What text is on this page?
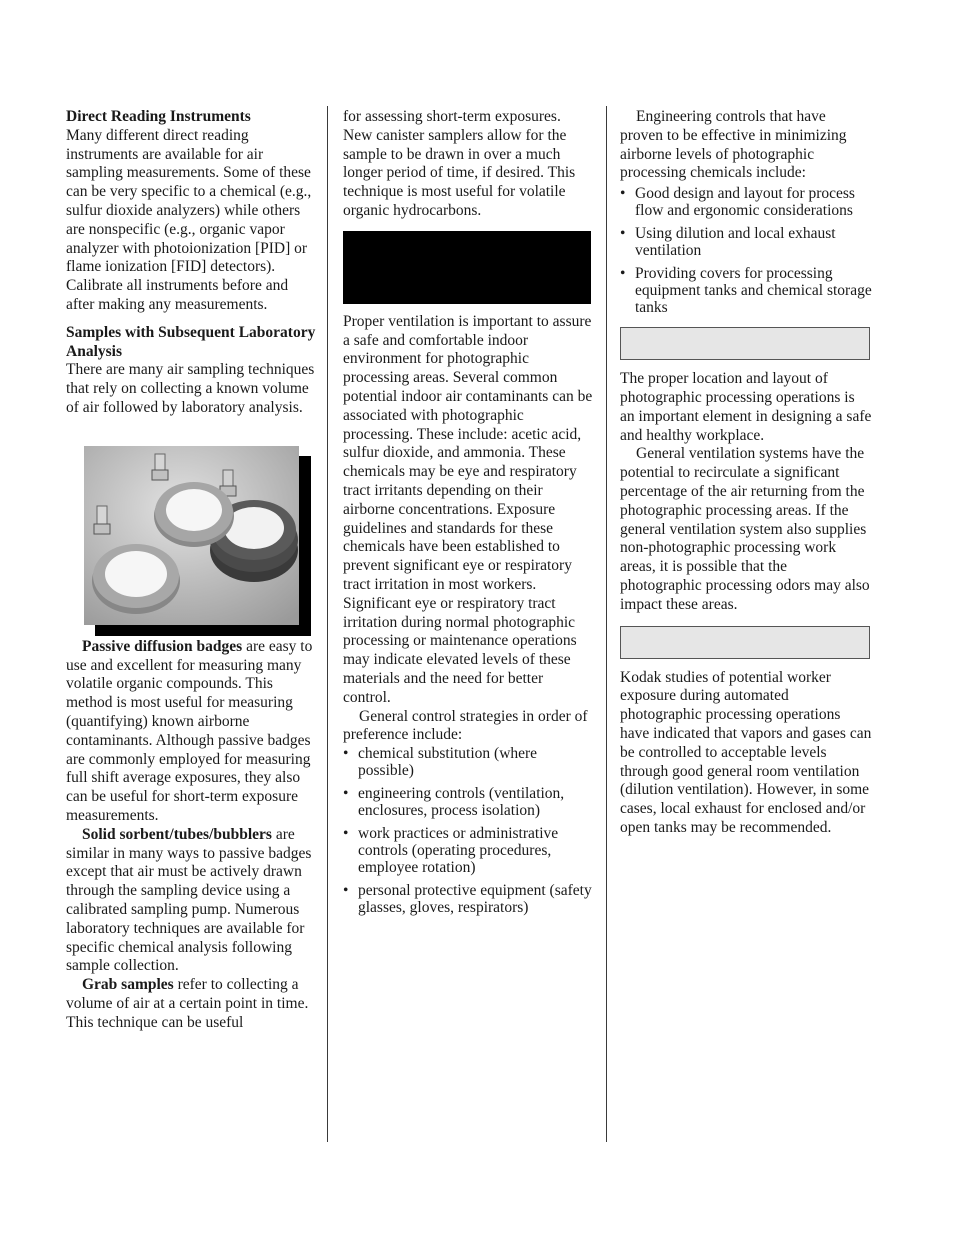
Direct Reading Instruments

Many different direct reading instruments are available for air sampling measurements. Some of these can be very specific to a chemical (e.g., sulfur dioxide analyzers) while others are nonspecific (e.g., organic vapor analyzer with photoionization [PID] or flame ionization [FID] detectors). Calibrate all instruments before and after making any measurements.

Samples with Subsequent Laboratory Analysis

There are many air sampling techniques that rely on collecting a known volume of air followed by laboratory analysis.

Passive diffusion badges are easy to use and excellent for measuring many volatile organic compounds. This method is most useful for measuring (quantifying) known airborne contaminants. Although passive badges are commonly employed for measuring full shift average exposures, they also can be useful for short-term exposure measurements.

Solid sorbent/tubes/bubblers are similar in many ways to passive badges except that air must be actively drawn through the sampling device using a calibrated sampling pump. Numerous laboratory techniques are available for specific chemical analysis following sample collection.

Grab samples refer to collecting a volume of air at a certain point in time. This technique can be useful

for assessing short-term exposures. New canister samplers allow for the sample to be drawn in over a much longer period of time, if desired. This technique is most useful for volatile organic hydrocarbons.

Proper ventilation is important to assure a safe and comfortable indoor environment for photographic processing areas. Several common potential indoor air contaminants can be associated with photographic processing. These include: acetic acid, sulfur dioxide, and ammonia. These chemicals may be eye and respiratory tract irritants depending on their airborne concentrations. Exposure guidelines and standards for these chemicals have been established to prevent significant eye or respiratory tract irritation in most workers. Significant eye or respiratory tract irritation during normal photographic processing or maintenance operations may indicate elevated levels of these materials and the need for better control.

General control strategies in order of preference include:

• chemical substitution (where possible)
• engineering controls (ventilation, enclosures, process isolation)
• work practices or administrative controls (operating procedures, employee rotation)
• personal protective equipment (safety glasses, gloves, respirators)

Engineering controls that have proven to be effective in minimizing airborne levels of photographic processing chemicals include:

• Good design and layout for process flow and ergonomic considerations
• Using dilution and local exhaust ventilation
• Providing covers for processing equipment tanks and chemical storage tanks

The proper location and layout of photographic processing operations is an important element in designing a safe and healthy workplace.

General ventilation systems have the potential to recirculate a significant percentage of the air returning from the photographic processing areas. If the general ventilation system also supplies non-photographic processing work areas, it is possible that the photographic processing odors may also impact these areas.

Kodak studies of potential worker exposure during automated photographic processing operations have indicated that vapors and gases can be controlled to acceptable levels through good general room ventilation (dilution ventilation). However, in some cases, local exhaust for enclosed and/or open tanks may be recommended.
